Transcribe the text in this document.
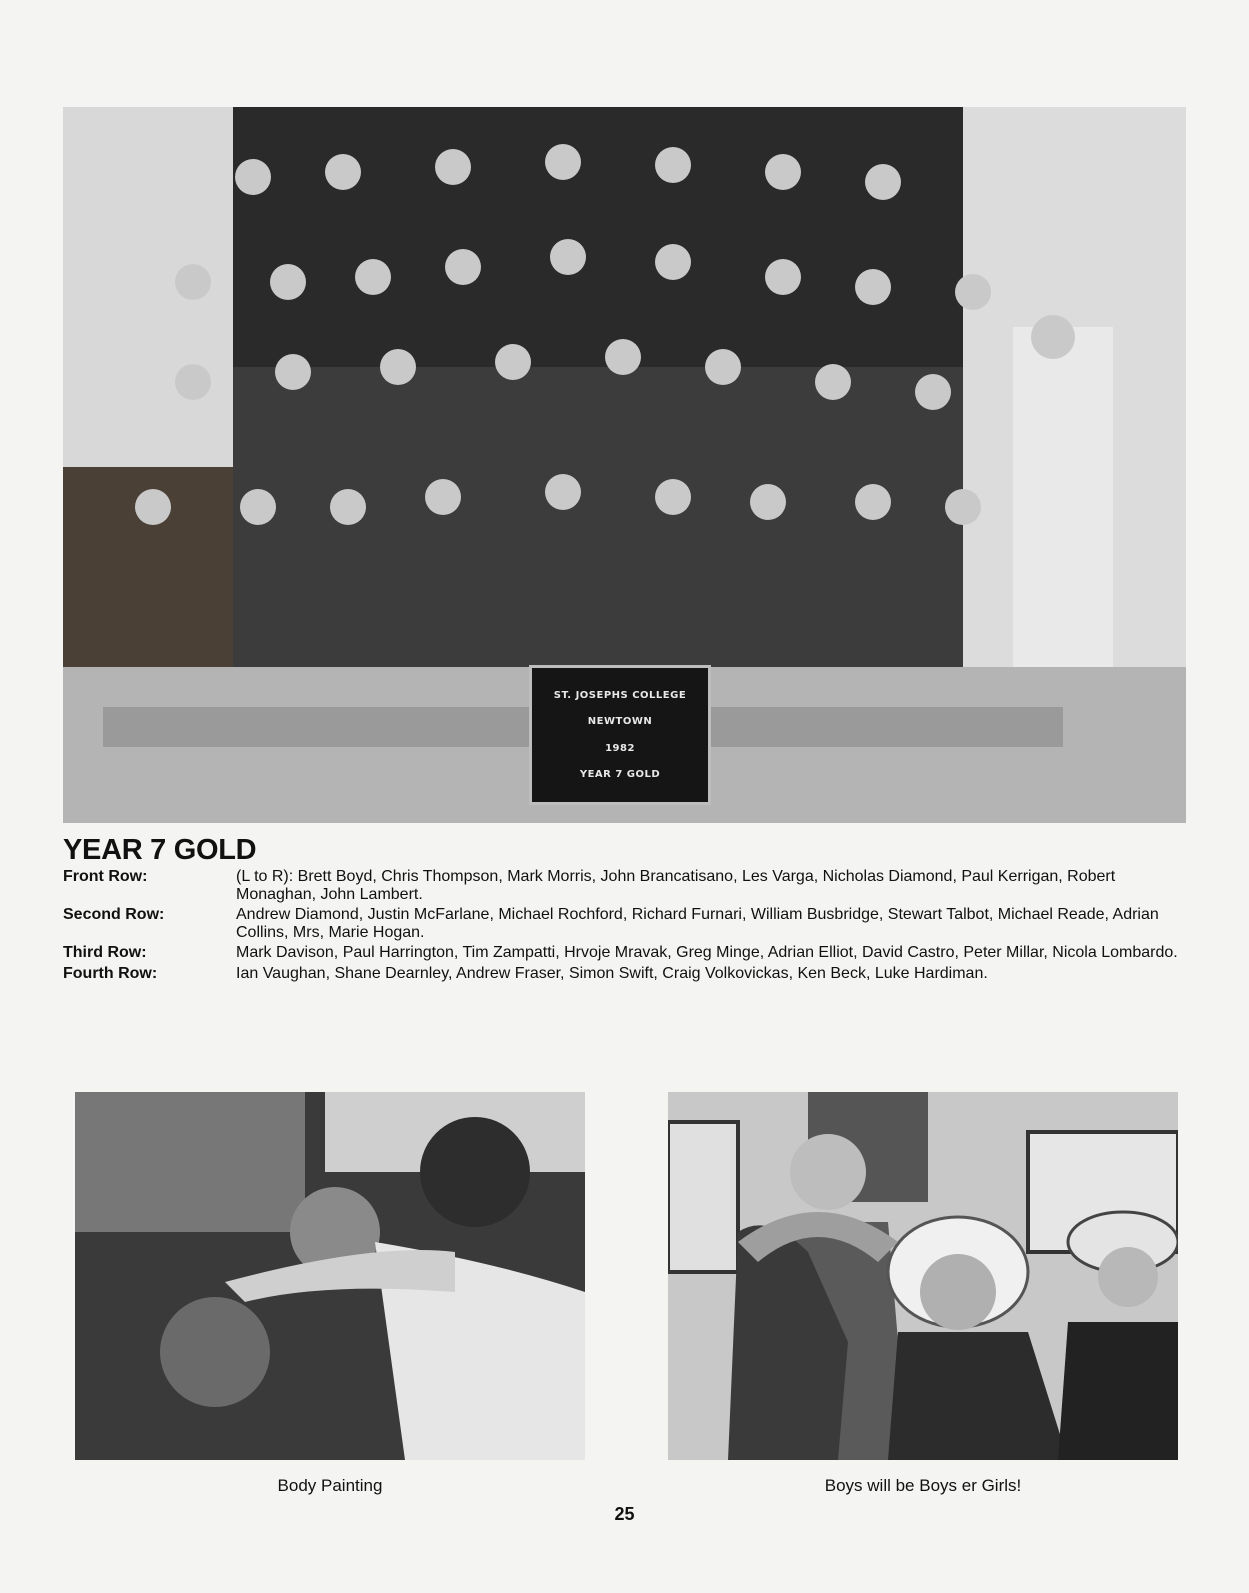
ST. JOSEPHS COLLEGE
NEWTOWN
1982
YEAR 7 GOLD
YEAR 7 GOLD
Front Row:	(L to R): Brett Boyd, Chris Thompson, Mark Morris, John Brancatisano, Les Varga, Nicholas Diamond, Paul Kerrigan, Robert Monaghan, John Lambert.
Second Row:	Andrew Diamond, Justin McFarlane, Michael Rochford, Richard Furnari, William Busbridge, Stewart Talbot, Michael Reade, Adrian Collins, Mrs, Marie Hogan.
Third Row:	Mark Davison, Paul Harrington, Tim Zampatti, Hrvoje Mravak, Greg Minge, Adrian Elliot, David Castro, Peter Millar, Nicola Lombardo.
Fourth Row:	Ian Vaughan, Shane Dearnley, Andrew Fraser, Simon Swift, Craig Volkovickas, Ken Beck, Luke Hardiman.
Body Painting	Boys will be Boys er Girls!
25
